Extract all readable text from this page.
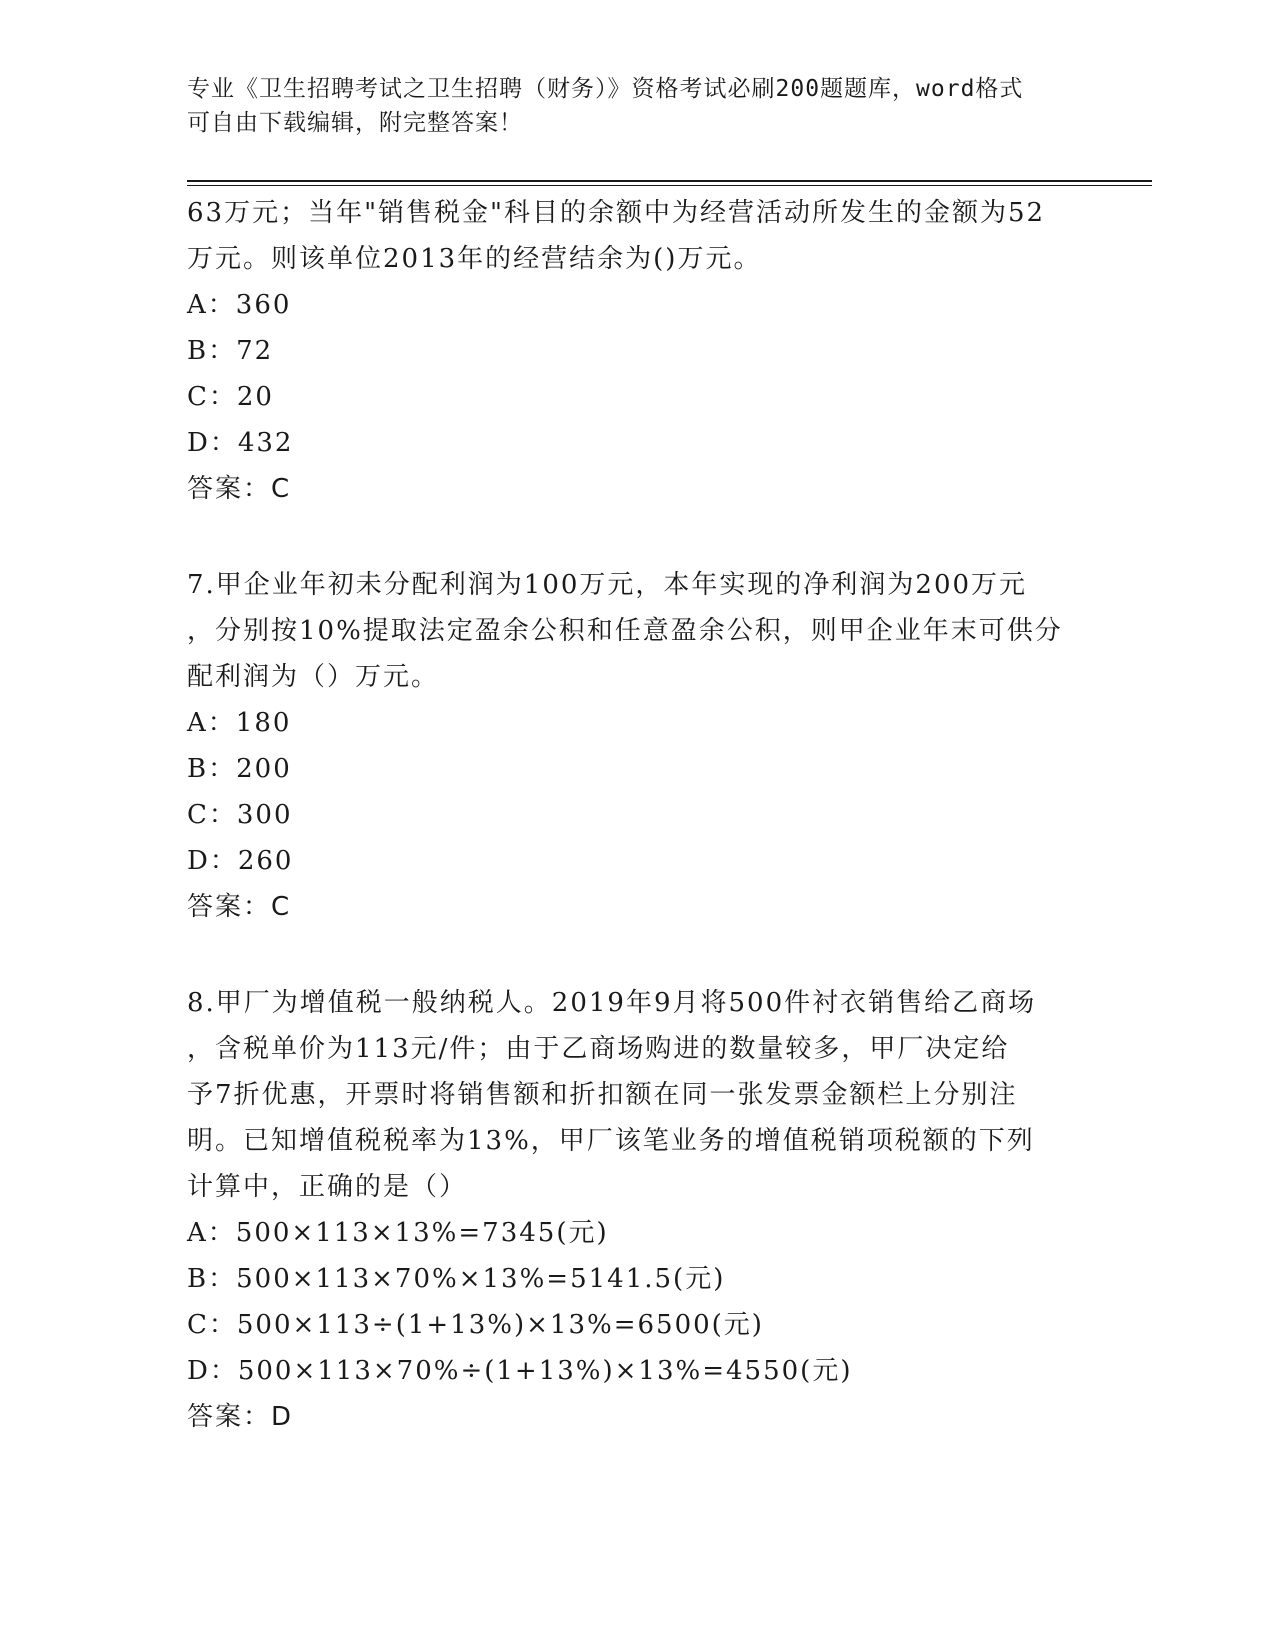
专业《卫生招聘考试之卫生招聘（财务）》资格考试必刷200题题库，word格式
可自由下载编辑，附完整答案！

63万元；当年"销售税金"科目的余额中为经营活动所发生的金额为52

万元。则该单位2013年的经营结余为()万元。

A：360

B：72

C：20

D：432

答案：C

7.甲企业年初未分配利润为100万元，本年实现的净利润为200万元

，分别按10%提取法定盈余公积和任意盈余公积，则甲企业年末可供分

配利润为（）万元。

A：180

B：200

C：300

D：260

答案：C

8.甲厂为增值税一般纳税人。2019年9月将500件衬衣销售给乙商场

，含税单价为113元/件；由于乙商场购进的数量较多，甲厂决定给

予7折优惠，开票时将销售额和折扣额在同一张发票金额栏上分别注

明。已知增值税税率为13%，甲厂该笔业务的增值税销项税额的下列

计算中，正确的是（）

A：500×113×13%=7345(元)

B：500×113×70%×13%=5141.5(元)

C：500×113÷(1+13%)×13%=6500(元)

D：500×113×70%÷(1+13%)×13%=4550(元)

答案：D
